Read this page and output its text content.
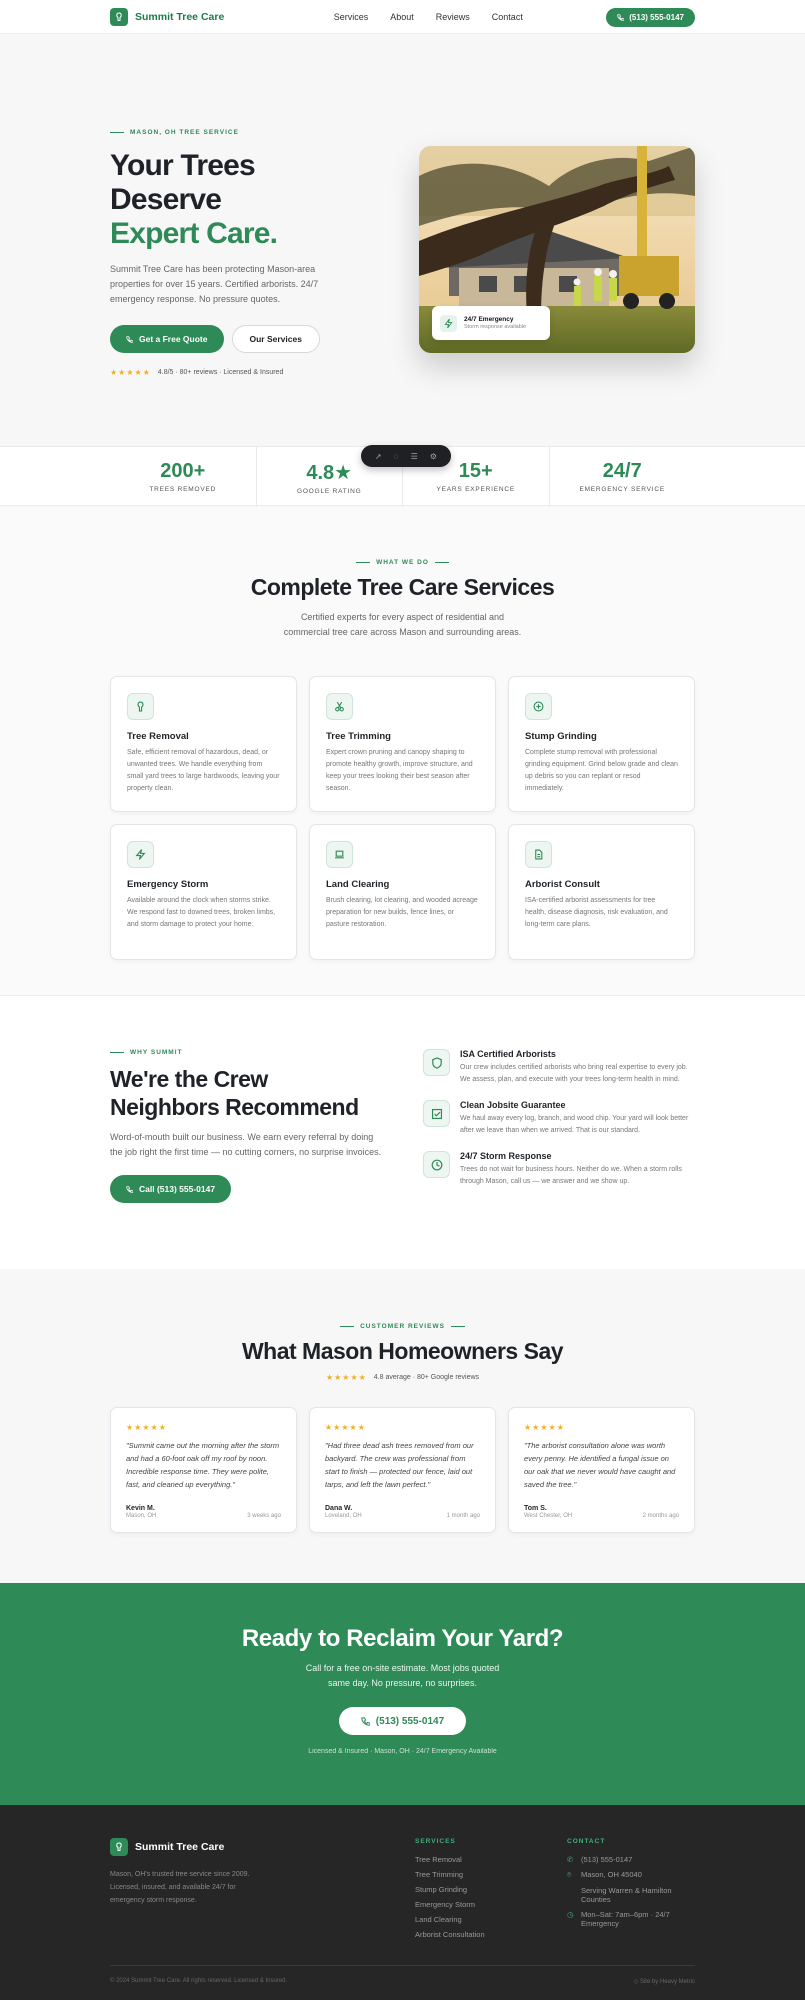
Summit Tree Care	Services About Reviews Contact	(513) 555-0147
MASON, OH TREE SERVICE
Your Trees
Deserve
Expert Care.

Summit Tree Care has been protecting Mason-area properties for over 15 years. Certified arborists. 24/7 emergency response. No pressure quotes.

Get a Free Quote	Our Services
★★★★★ 4.8/5 · 80+ reviews · Licensed & Insured
24/7 Emergency
Storm response available
200+
TREES REMOVED
4.8★
GOOGLE RATING
15+
YEARS EXPERIENCE
24/7
EMERGENCY SERVICE
➚ ◌ ☰ ⚙
WHAT WE DO
Complete Tree Care Services

Certified experts for every aspect of residential and
commercial tree care across Mason and surrounding areas.

Tree Removal

Safe, efficient removal of hazardous, dead, or unwanted trees. We handle everything from small yard trees to large hardwoods, leaving your property clean.

Tree Trimming

Expert crown pruning and canopy shaping to promote healthy growth, improve structure, and keep your trees looking their best season after season.

Stump Grinding

Complete stump removal with professional grinding equipment. Grind below grade and clean up debris so you can replant or resod immediately.

Emergency Storm

Available around the clock when storms strike. We respond fast to downed trees, broken limbs, and storm damage to protect your home.

Land Clearing

Brush clearing, lot clearing, and wooded acreage preparation for new builds, fence lines, or pasture restoration.

Arborist Consult

ISA-certified arborist assessments for tree health, disease diagnosis, risk evaluation, and long-term care plans.

WHY SUMMIT
We're the Crew
Neighbors Recommend

Word-of-mouth built our business. We earn every referral by doing the job right the first time — no cutting corners, no surprise invoices.

Call (513) 555-0147
ISA Certified Arborists

Our crew includes certified arborists who bring real expertise to every job. We assess, plan, and execute with your trees long-term health in mind.

Clean Jobsite Guarantee

We haul away every log, branch, and wood chip. Your yard will look better after we leave than when we arrived. That is our standard.

24/7 Storm Response

Trees do not wait for business hours. Neither do we. When a storm rolls through Mason, call us — we answer and we show up.

CUSTOMER REVIEWS
What Mason Homeowners Say
★★★★★ 4.8 average · 80+ Google reviews
★★★★★
"Summit came out the morning after the storm and had a 60-foot oak off my roof by noon. Incredible response time. They were polite, fast, and cleaned up everything."
Kevin M.
Mason, OH	3 weeks ago
★★★★★
"Had three dead ash trees removed from our backyard. The crew was professional from start to finish — protected our fence, laid out tarps, and left the lawn perfect."
Dana W.
Loveland, OH	1 month ago
★★★★★
"The arborist consultation alone was worth every penny. He identified a fungal issue on our oak that we never would have caught and saved the tree."
Tom S.
West Chester, OH	2 months ago
Ready to Reclaim Your Yard?

Call for a free on-site estimate. Most jobs quoted
same day. No pressure, no surprises.

(513) 555-0147
Licensed & Insured · Mason, OH · 24/7 Emergency Available
Summit Tree Care
Mason, OH's trusted tree service since 2009. Licensed, insured, and available 24/7 for emergency storm response.
SERVICES
Tree Removal
Tree Trimming
Stump Grinding
Emergency Storm
Land Clearing
Arborist Consultation
CONTACT
✆ (513) 555-0147
⌾	Mason, OH 45040
Serving Warren & Hamilton Counties
◷ Mon–Sat: 7am–6pm · 24/7 Emergency
© 2024 Summit Tree Care. All rights reserved. Licensed & Insured.	◇ Site by Heavy Metric
